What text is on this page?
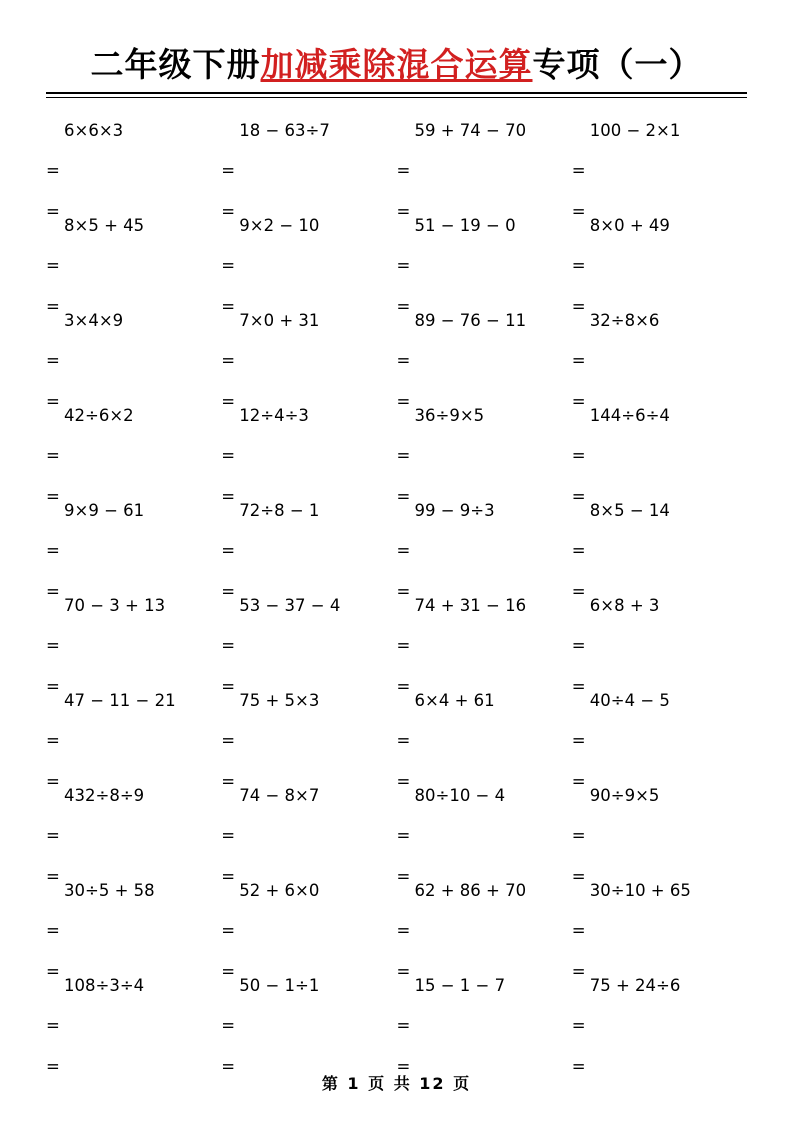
二年级下册加减乘除混合运算专项（一）
6×6×3
=
=
18 − 63÷7
=
=
59 + 74 − 70
=
=
100 − 2×1
=
=
8×5 + 45
=
=
9×2 − 10
=
=
51 − 19 − 0
=
=
8×0 + 49
=
=
3×4×9
=
=
7×0 + 31
=
=
89 − 76 − 11
=
=
32÷8×6
=
=
42÷6×2
=
=
12÷4÷3
=
=
36÷9×5
=
=
144÷6÷4
=
=
9×9 − 61
=
=
72÷8 − 1
=
=
99 − 9÷3
=
=
8×5 − 14
=
=
70 − 3 + 13
=
=
53 − 37 − 4
=
=
74 + 31 − 16
=
=
6×8 + 3
=
=
47 − 11 − 21
=
=
75 + 5×3
=
=
6×4 + 61
=
=
40÷4 − 5
=
=
432÷8÷9
=
=
74 − 8×7
=
=
80÷10 − 4
=
=
90÷9×5
=
=
30÷5 + 58
=
=
52 + 6×0
=
=
62 + 86 + 70
=
=
30÷10 + 65
=
=
108÷3÷4
=
=
50 − 1÷1
=
=
15 − 1 − 7
=
=
75 + 24÷6
=
=
第 1 页 共 12 页
